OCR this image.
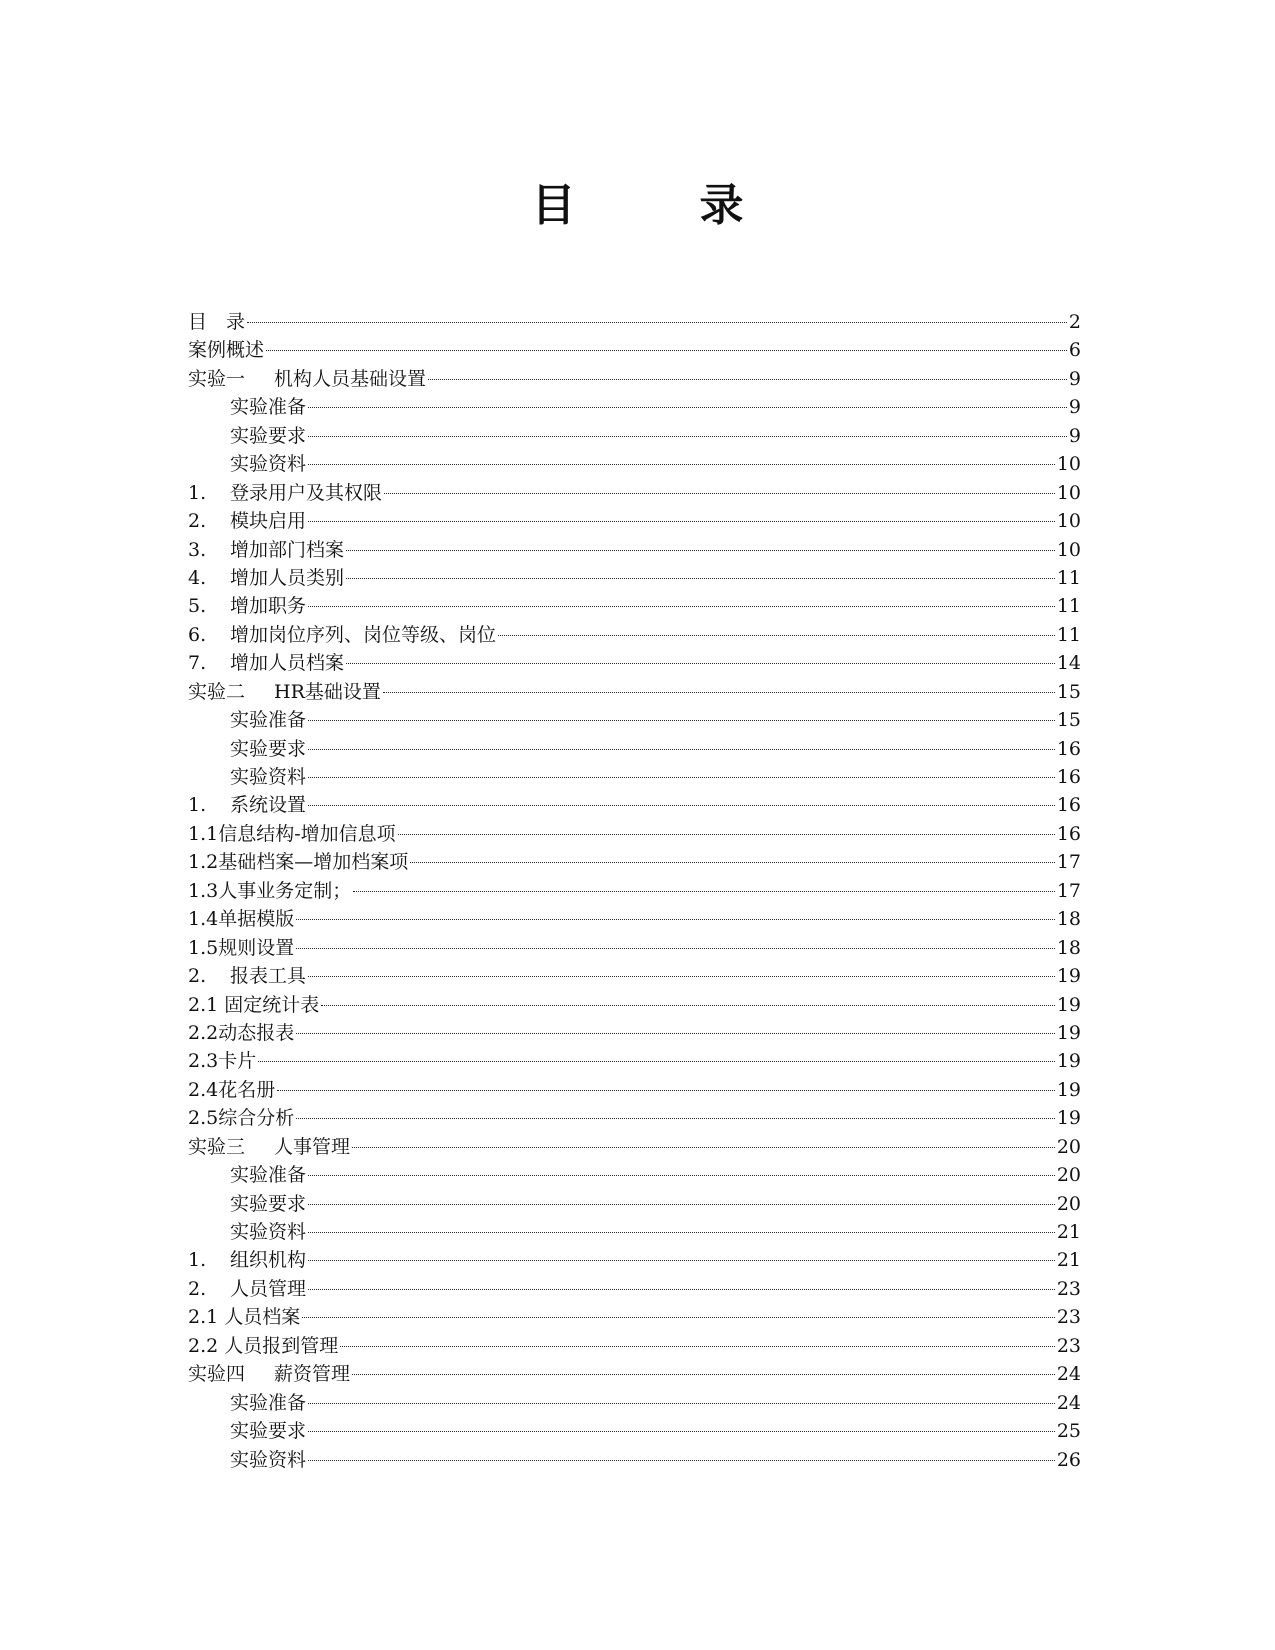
目　录
目　录	2
案例概述	6
实验一	机构人员基础设置	9
实验准备	9
实验要求	9
实验资料	10
1.	登录用户及其权限	10
2.	模块启用	10
3.	增加部门档案	10
4.	增加人员类别	11
5.	增加职务	11
6.	增加岗位序列、岗位等级、岗位	11
7.	增加人员档案	14
实验二	HR基础设置	15
实验准备	15
实验要求	16
实验资料	16
1.	系统设置	16
1.1信息结构-增加信息项	16
1.2基础档案—增加档案项	17
1.3人事业务定制；	17
1.4单据模版	18
1.5规则设置	18
2.	报表工具	19
2.1 固定统计表	19
2.2动态报表	19
2.3卡片	19
2.4花名册	19
2.5综合分析	19
实验三	人事管理	20
实验准备	20
实验要求	20
实验资料	21
1.	组织机构	21
2.	人员管理	23
2.1 人员档案	23
2.2 人员报到管理	23
实验四	薪资管理	24
实验准备	24
实验要求	25
实验资料	26
